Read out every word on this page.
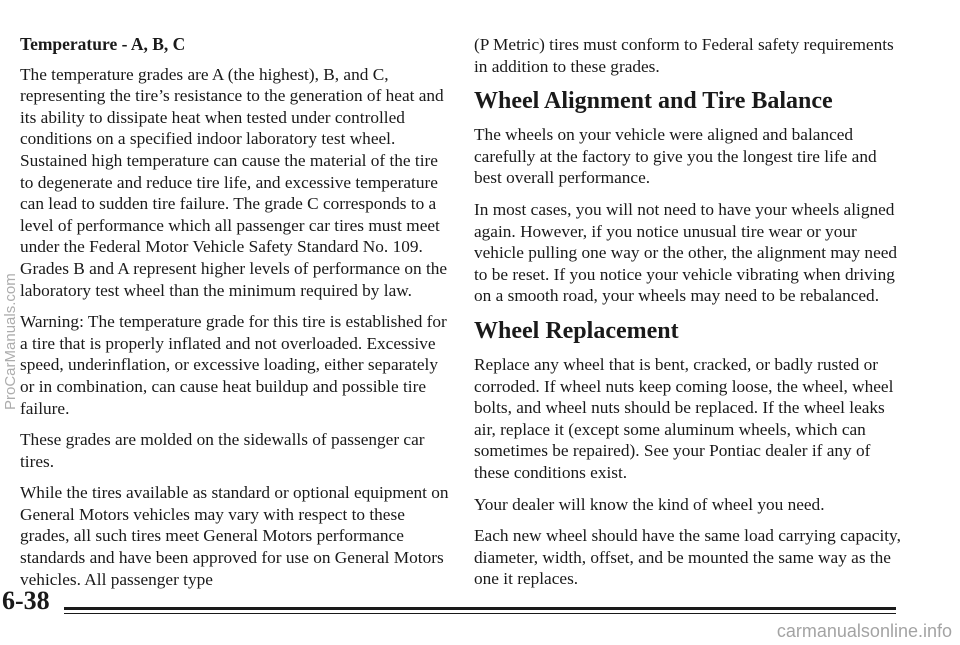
ProCarManuals.com

Temperature - A, B, C

The temperature grades are A (the highest), B, and C, representing the tire’s resistance to the generation of heat and its ability to dissipate heat when tested under controlled conditions on a specified indoor laboratory test wheel. Sustained high temperature can cause the material of the tire to degenerate and reduce tire life, and excessive temperature can lead to sudden tire failure. The grade C corresponds to a level of performance which all passenger car tires must meet under the Federal Motor Vehicle Safety Standard No. 109. Grades B and A represent higher levels of performance on the laboratory test wheel than the minimum required by law.

Warning: The temperature grade for this tire is established for a tire that is properly inflated and not overloaded. Excessive speed, underinflation, or excessive loading, either separately or in combination, can cause heat buildup and possible tire failure.

These grades are molded on the sidewalls of passenger car tires.

While the tires available as standard or optional equipment on General Motors vehicles may vary with respect to these grades, all such tires meet General Motors performance standards and have been approved for use on General Motors vehicles. All passenger type

(P Metric) tires must conform to Federal safety requirements in addition to these grades.

Wheel Alignment and Tire Balance

The wheels on your vehicle were aligned and balanced carefully at the factory to give you the longest tire life and best overall performance.

In most cases, you will not need to have your wheels aligned again. However, if you notice unusual tire wear or your vehicle pulling one way or the other, the alignment may need to be reset. If you notice your vehicle vibrating when driving on a smooth road, your wheels may need to be rebalanced.

Wheel Replacement

Replace any wheel that is bent, cracked, or badly rusted or corroded. If wheel nuts keep coming loose, the wheel, wheel bolts, and wheel nuts should be replaced. If the wheel leaks air, replace it (except some aluminum wheels, which can sometimes be repaired). See your Pontiac dealer if any of these conditions exist.

Your dealer will know the kind of wheel you need.

Each new wheel should have the same load carrying capacity, diameter, width, offset, and be mounted the same way as the one it replaces.

6-38
carmanualsonline.info
